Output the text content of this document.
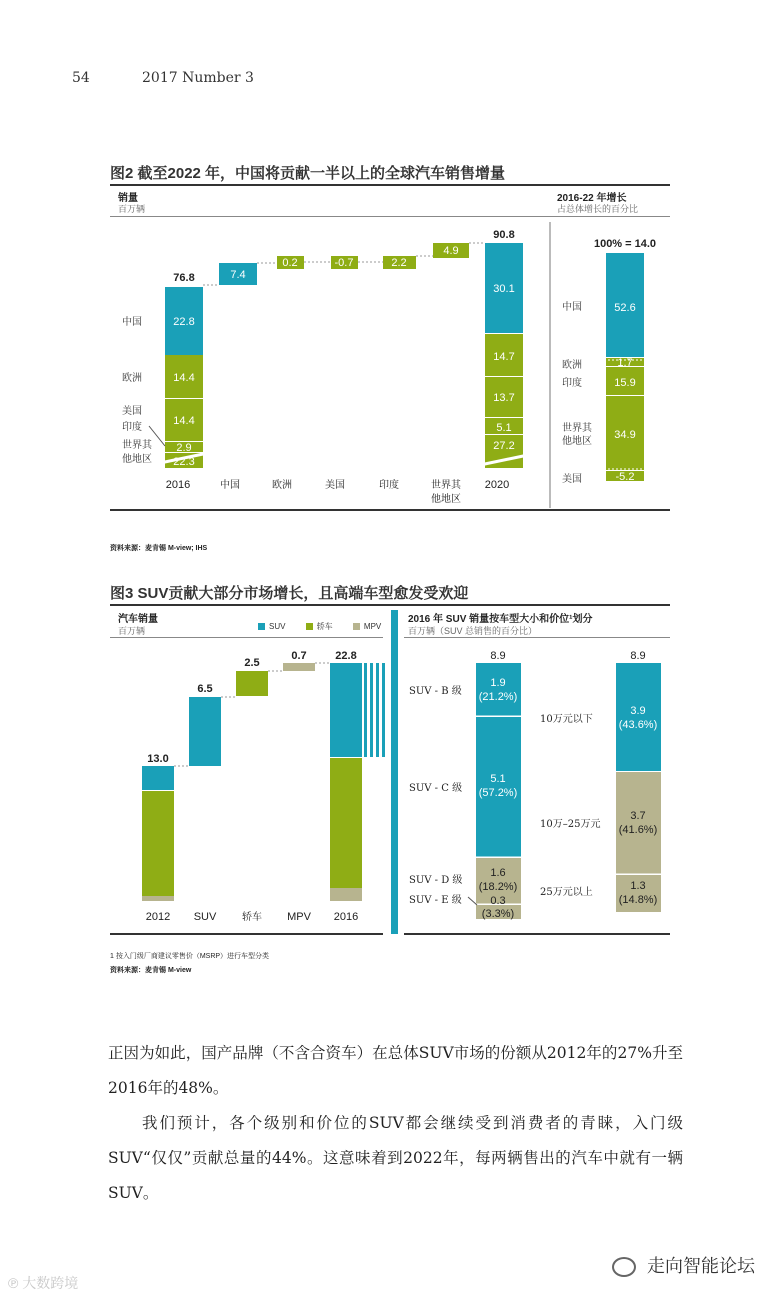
54	2017 Number 3
图2 截至2022 年，中国将贡献一半以上的全球汽车销售增量
销量
百万辆
2016-22 年增长
占总体增长的百分比
76.8
22.8
14.4
14.4
2.9
22.3
中国
欧洲
美国
印度
世界其
他地区
7.4
0.2	-0.7	2.2
4.9
90.8
30.1
14.7
13.7
5.1
27.2
2016	中国	欧洲	美国	印度	世界其
他地区
2020
100% = 14.0
中国
欧洲
印度
世界其
他地区
美国
52.6
1.7
15.9
34.9
-5.2
资料来源：麦肯锡 M-view; IHS
图3 SUV贡献大部分市场增长，且高端车型愈发受欢迎
汽车销量
百万辆	SUV	轿车	MPV
2016 年 SUV 销量按车型大小和价位¹划分
百万辆（SUV 总销售的百分比）
13.0
6.5
2.5
0.7	22.8
2012 SUV	轿车 MPV 2016
8.9	8.9
SUV - B 级
SUV - C 级
SUV - D 级
SUV - E 级
1.9
(21.2%)
5.1
(57.2%)
1.6
(18.2%)
0.3
(3.3%)
10万元以下
10万–25万元
25万元以上
3.9
(43.6%)
3.7
(41.6%)
1.3
(14.8%)
1 按入门级厂商建议零售价（MSRP）进行车型分类
资料来源：麦肯锡 M-view
正因为如此，国产品牌（不含合资车）在总体SUV市场的份额从2012年的27%升至 2016年的48%。
我们预计，各个级别和价位的SUV都会继续受到消费者的青睐，入门级SUV“仅仅”贡献总量的44%。这意味着到2022年，每两辆售出的汽车中就有一辆SUV。
℗ 大数跨境
走向智能论坛
